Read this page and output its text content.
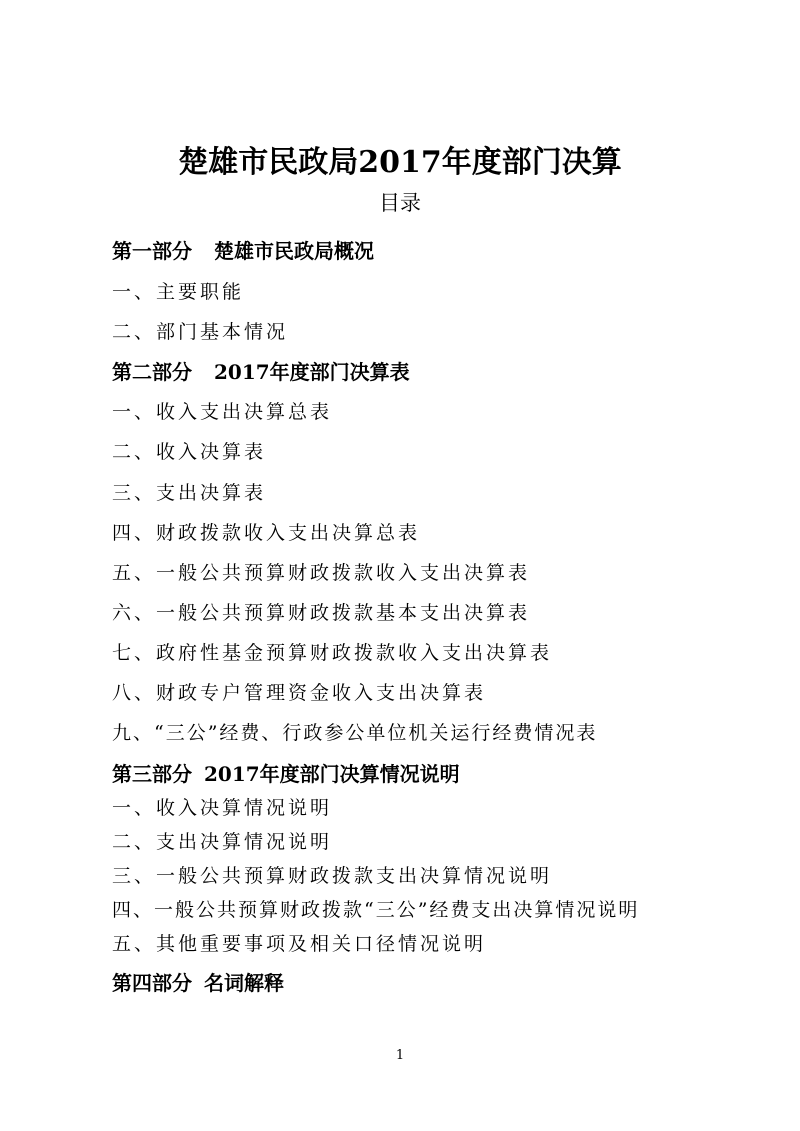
楚雄市民政局2017年度部门决算
目录
第一部分 楚雄市民政局概况
一、主要职能
二、部门基本情况
第二部分 2017年度部门决算表
一、收入支出决算总表
二、收入决算表
三、支出决算表
四、财政拨款收入支出决算总表
五、一般公共预算财政拨款收入支出决算表
六、一般公共预算财政拨款基本支出决算表
七、政府性基金预算财政拨款收入支出决算表
八、财政专户管理资金收入支出决算表
九、“三公”经费、行政参公单位机关运行经费情况表
第三部分 2017年度部门决算情况说明
一、收入决算情况说明
二、支出决算情况说明
三、一般公共预算财政拨款支出决算情况说明
四、一般公共预算财政拨款“三公”经费支出决算情况说明
五、其他重要事项及相关口径情况说明
第四部分 名词解释
1
